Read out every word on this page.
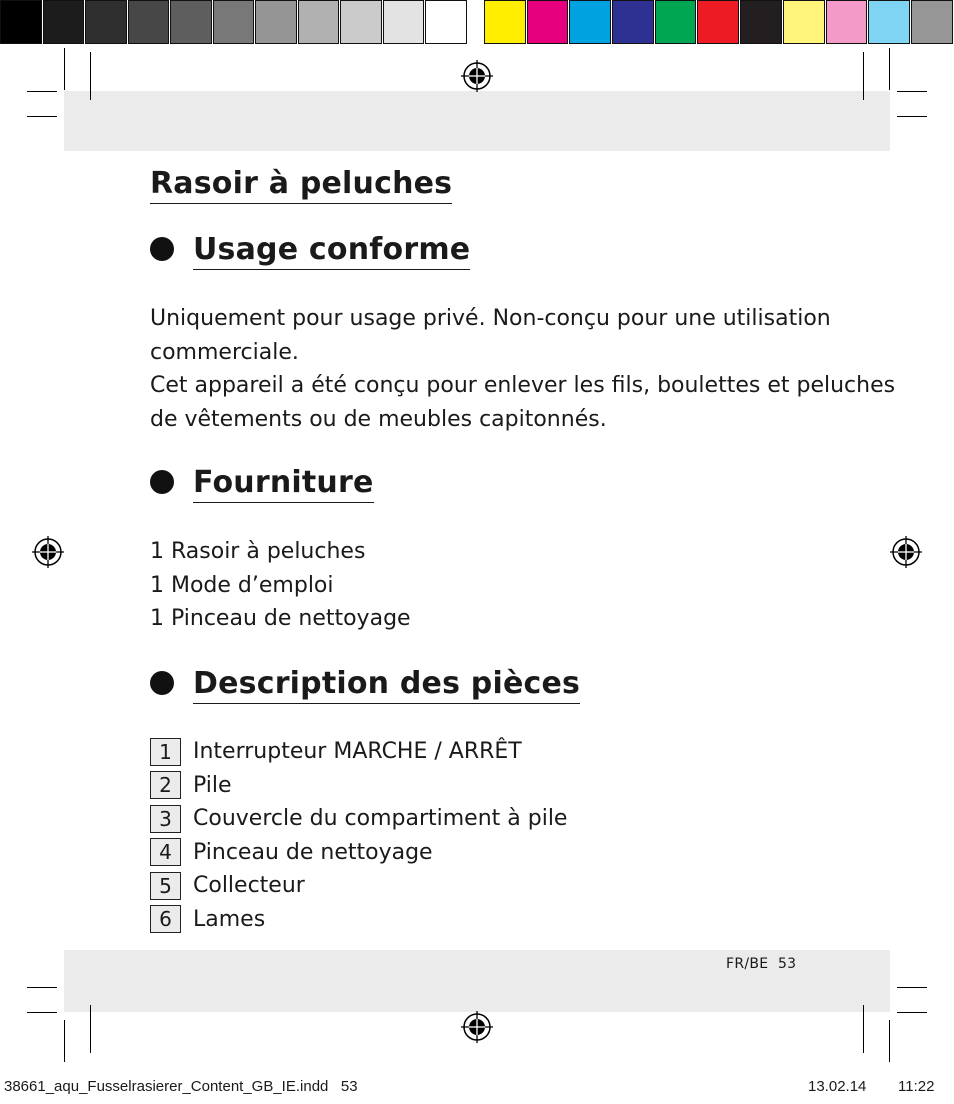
Rasoir à peluches
Usage conforme
Uniquement pour usage privé. Non-conçu pour une utilisation
commerciale.
Cet appareil a été conçu pour enlever les fils, boulettes et peluches
de vêtements ou de meubles capitonnés.
Fourniture
1 Rasoir à peluches
1 Mode d’emploi
1 Pinceau de nettoyage
Description des pièces
1 Interrupteur MARCHE / ARRÊT
2 Pile
3 Couvercle du compartiment à pile
4 Pinceau de nettoyage
5 Collecteur
6 Lames
FR/BE  53
38661_aqu_Fusselrasierer_Content_GB_IE.indd   53	13.02.14 11:22
